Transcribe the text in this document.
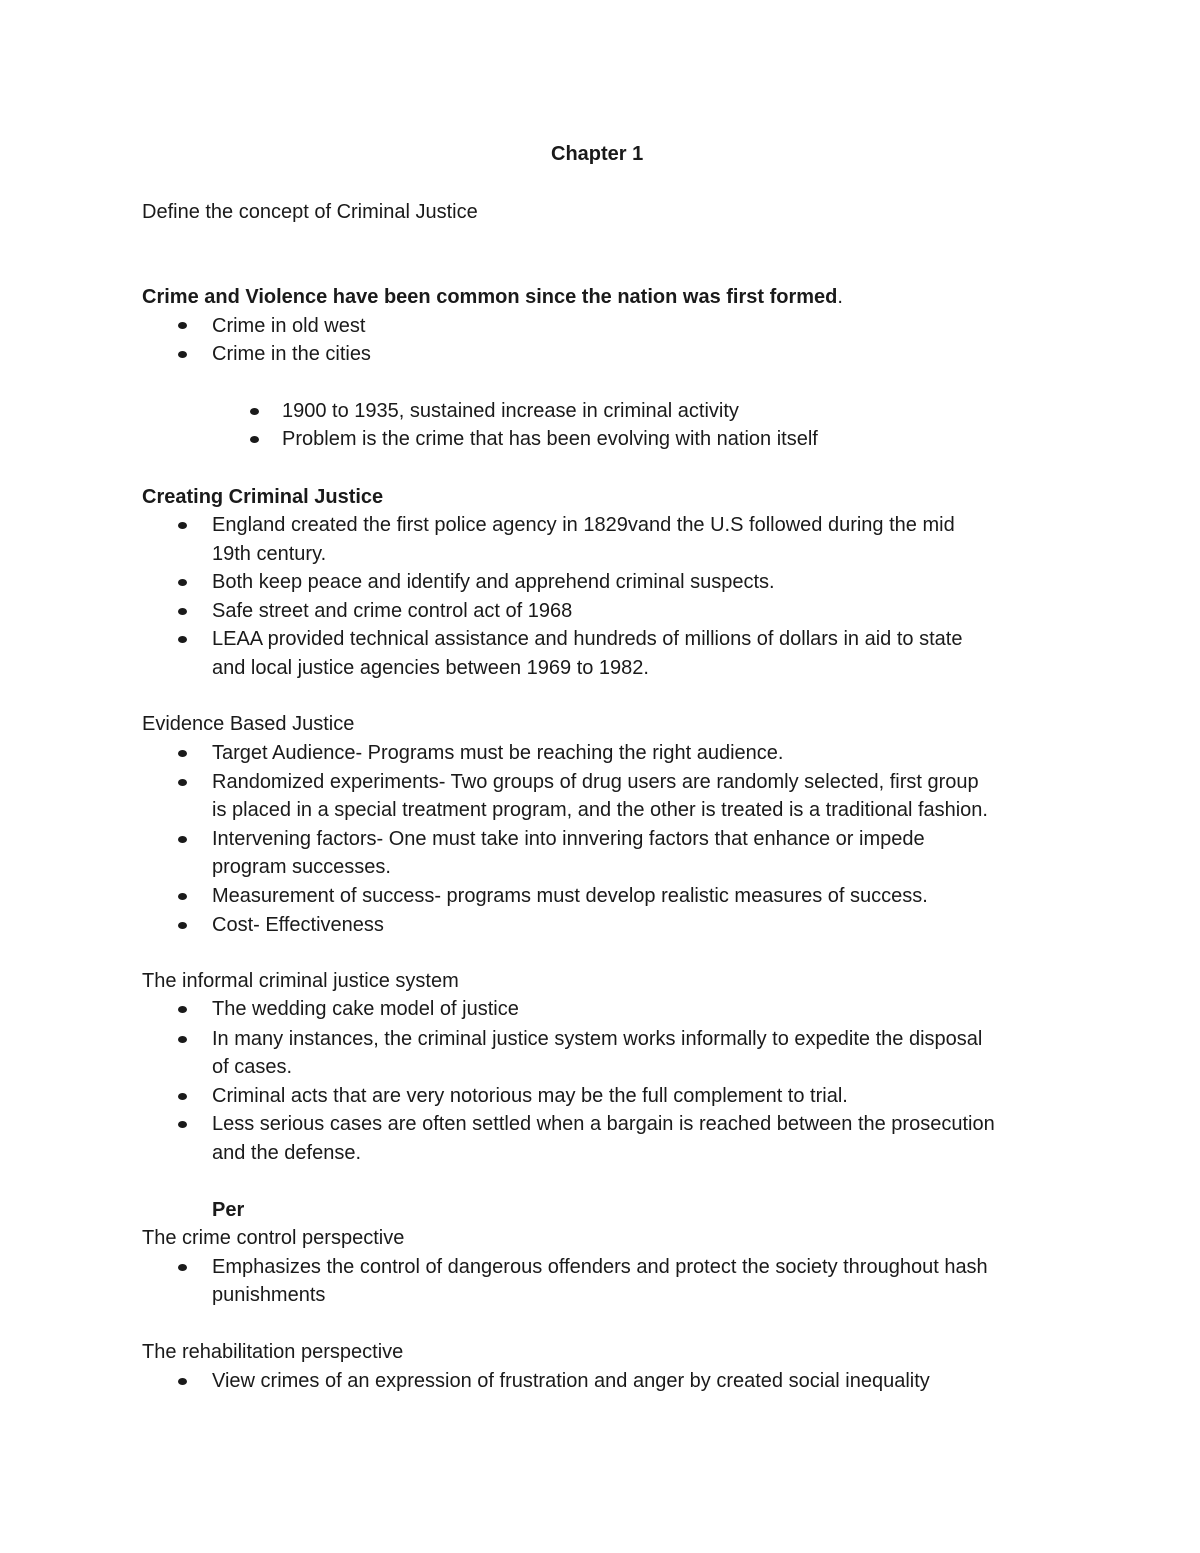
Chapter 1
Define the concept of Criminal Justice
Crime and Violence have been common since the nation was first formed.
Crime in old west
Crime in the cities
1900 to 1935, sustained increase in criminal activity
Problem is the crime that has been evolving with nation itself
Creating Criminal Justice
England created the first police agency in 1829vand the U.S followed during the mid
19th century.
Both keep peace and identify and apprehend criminal suspects.
Safe street and crime control act of 1968
LEAA provided technical assistance and hundreds of millions of dollars in aid to state
and local justice agencies between 1969 to 1982.
Evidence Based Justice
Target Audience- Programs must be reaching the right audience.
Randomized experiments- Two groups of drug users are randomly selected, first group
is placed in a special treatment program, and the other is treated is a traditional fashion.
Intervening factors- One must take into innvering factors that enhance or impede
program successes.
Measurement of success- programs must develop realistic measures of success.
Cost- Effectiveness
The informal criminal justice system
The wedding cake model of justice
In many instances, the criminal justice system works informally to expedite the disposal
of cases.
Criminal acts that are very notorious may be the full complement to trial.
Less serious cases are often settled when a bargain is reached between the prosecution
and the defense.
Per
The crime control perspective
Emphasizes the control of dangerous offenders and protect the society throughout hash
punishments
The rehabilitation perspective
View crimes of an expression of frustration and anger by created social inequality
